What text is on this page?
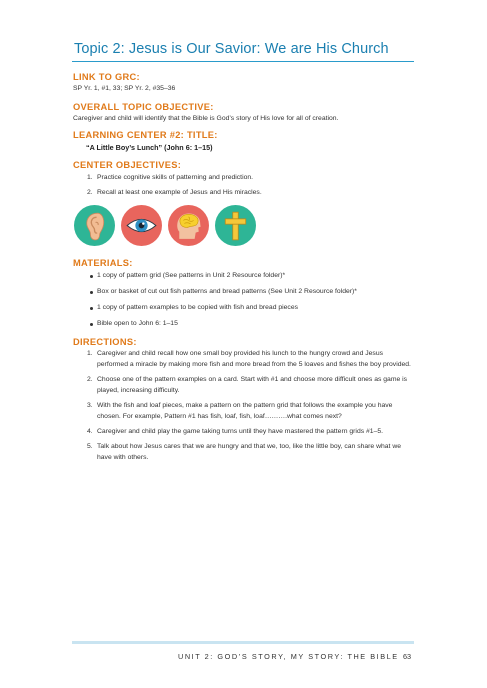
Topic 2: Jesus is Our Savior: We are His Church
LINK TO GRC:

SP Yr. 1, #1, 33; SP Yr. 2, #35–36

OVERALL TOPIC OBJECTIVE:

Caregiver and child will identify that the Bible is God’s story of His love for all of creation.

LEARNING CENTER #2: TITLE:

“A Little Boy’s Lunch” (John 6: 1–15)

CENTER OBJECTIVES:
1. Practice cognitive skills of patterning and prediction.
2. Recall at least one example of Jesus and His miracles.
MATERIALS:
1 copy of pattern grid (See patterns in Unit 2 Resource folder)*
Box or basket of cut out fish patterns and bread patterns (See Unit 2 Resource folder)*
1 copy of pattern examples to be copied with fish and bread pieces
Bible open to John 6: 1–15
DIRECTIONS:
1. Caregiver and child recall how one small boy provided his lunch to the hungry crowd and Jesus performed a miracle by making more fish and more bread from the 5 loaves and fishes the boy provided.
2. Choose one of the pattern examples on a card. Start with #1 and choose more difficult ones as game is played, increasing difficulty.
3. With the fish and loaf pieces, make a pattern on the pattern grid that follows the example you have chosen. For example, Pattern #1 has fish, loaf, fish, loaf……….what comes next?
4. Caregiver and child play the game taking turns until they have mastered the pattern grids #1–5.
5. Talk about how Jesus cares that we are hungry and that we, too, like the little boy, can share what we have with others.
UNIT 2: GOD’S STORY, MY STORY: THE BIBLE 63
